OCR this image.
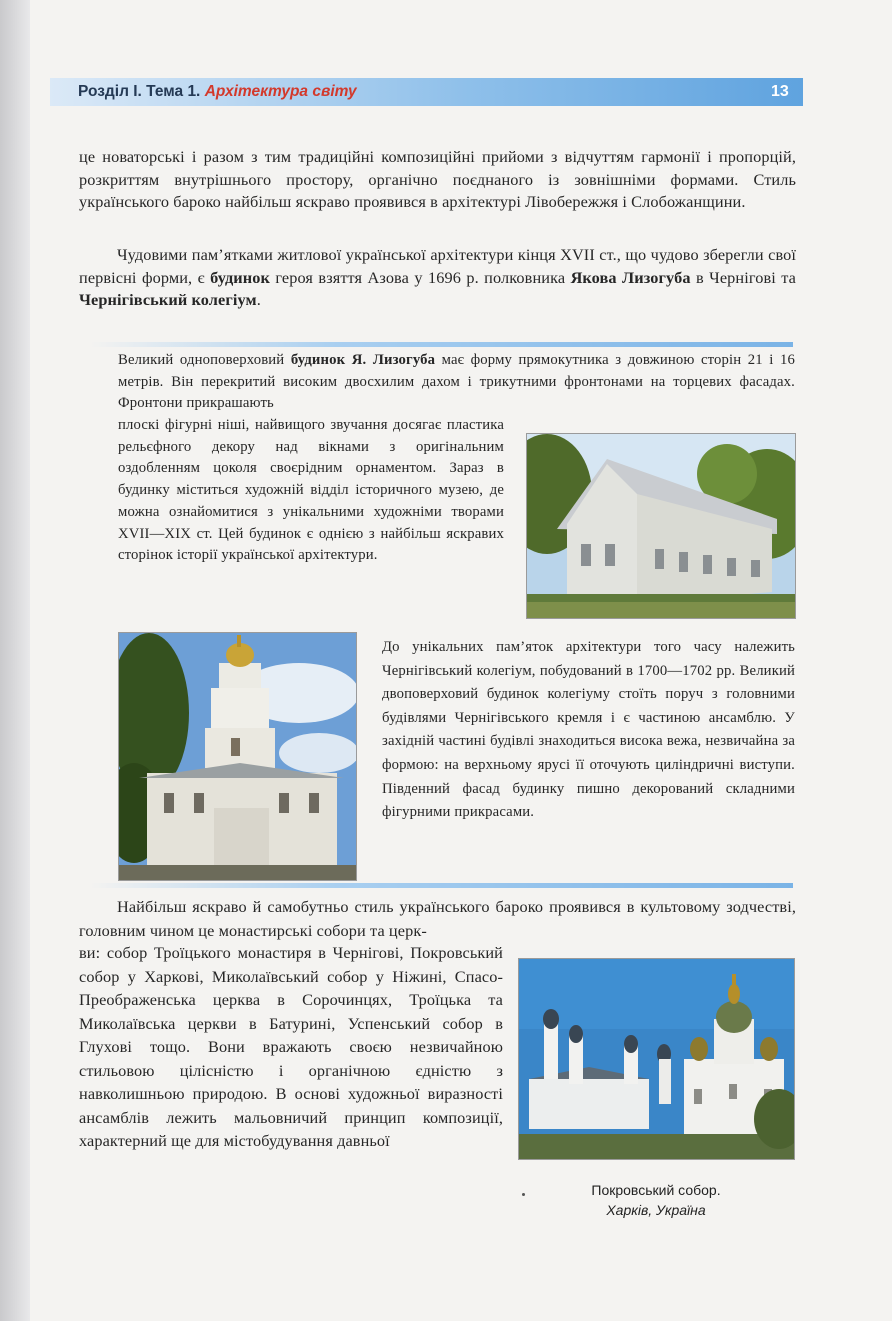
Розділ І. Тема 1. Архітектура світу	13
це новаторські і разом з тим традиційні композиційні прийоми з відчуттям гармонії і пропорцій, розкриттям внутрішнього простору, органічно поєднаного із зовнішніми формами. Стиль українського бароко найбільш яскраво проявився в архітектурі Лівобережжя і Слобожанщини.
Чудовими пам’ятками житлової української архітектури кінця XVII ст., що чудово зберегли свої первісні форми, є будинок героя взяття Азова у 1696 р. полковника Якова Лизогуба в Чернігові та Чернігівський колегіум.
Великий одноповерховий будинок Я. Лизогуба має форму прямокутника з довжиною сторін 21 і 16 метрів. Він перекритий високим двосхилим дахом і трикутними фронтонами на торцевих фасадах. Фронтони прикрашають
плоскі фігурні ніші, найвищого звучання досягає пластика рельєфного декору над вікнами з оригінальним оздобленням цоколя своєрідним орнаментом. Зараз в будинку міститься художній відділ історичного музею, де можна ознайомитися з унікальними художніми творами XVII—XIX ст. Цей будинок є однією з найбільш яскравих сторінок історії української архітектури.
До унікальних пам’яток архітектури того часу належить Чернігівський колегіум, побудований в 1700—1702 рр. Великий двоповерховий будинок колегіуму стоїть поруч з головними будівлями Чернігівського кремля і є частиною ансамблю. У західній частині будівлі знаходиться висока вежа, незвичайна за формою: на верхньому ярусі її оточують циліндричні виступи. Південний фасад будинку пишно декорований складними фігурними прикрасами.
Найбільш яскраво й самобутньо стиль українського бароко проявився в культовому зодчестві, головним чином це монастирські собори та церк-
ви: собор Троїцького монастиря в Чернігові, Покровський собор у Харкові, Миколаївський собор у Ніжині, Спасо-Преображенська церква в Сорочинцях, Троїцька та Миколаївська церкви в Батурині, Успенський собор в Глухові тощо. Вони вражають своєю незвичайною стильовою цілісністю і органічною єдністю з навколишньою природою. В основі художньої виразності ансамблів лежить мальовничий принцип композиції, характерний ще для містобудування давньої
Покровський собор.
Харків, Україна
